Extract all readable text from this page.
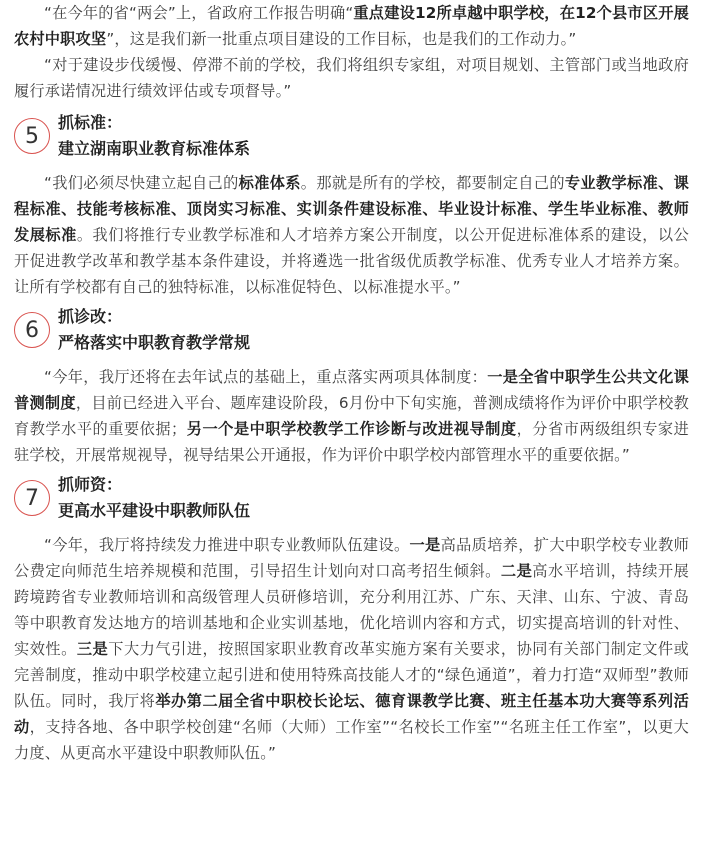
“在今年的省“两会”上，省政府工作报告明确“重点建设12所卓越中职学校，在12个县市区开展农村中职攻坚”，这是我们新一批重点项目建设的工作目标，也是我们的工作动力。”

“对于建设步伐缓慢、停滞不前的学校，我们将组织专家组，对项目规划、主管部门或当地政府履行承诺情况进行绩效评估或专项督导。”

5
抓标准：
建立湖南职业教育标准体系

“我们必须尽快建立起自己的标准体系。那就是所有的学校，都要制定自己的专业教学标准、课程标准、技能考核标准、顶岗实习标准、实训条件建设标准、毕业设计标准、学生毕业标准、教师发展标准。我们将推行专业教学标准和人才培养方案公开制度，以公开促进标准体系的建设，以公开促进教学改革和教学基本条件建设，并将遴选一批省级优质教学标准、优秀专业人才培养方案。让所有学校都有自己的独特标准，以标准促特色、以标准提水平。”

6
抓诊改：
严格落实中职教育教学常规

“今年，我厅还将在去年试点的基础上，重点落实两项具体制度：一是全省中职学生公共文化课普测制度，目前已经进入平台、题库建设阶段，6月份中下旬实施，普测成绩将作为评价中职学校教育教学水平的重要依据；另一个是中职学校教学工作诊断与改进视导制度，分省市两级组织专家进驻学校，开展常规视导，视导结果公开通报，作为评价中职学校内部管理水平的重要依据。”

7
抓师资：
更高水平建设中职教师队伍

“今年，我厅将持续发力推进中职专业教师队伍建设。一是高品质培养，扩大中职学校专业教师公费定向师范生培养规模和范围，引导招生计划向对口高考招生倾斜。二是高水平培训，持续开展跨境跨省专业教师培训和高级管理人员研修培训，充分利用江苏、广东、天津、山东、宁波、青岛等中职教育发达地方的培训基地和企业实训基地，优化培训内容和方式，切实提高培训的针对性、实效性。三是下大力气引进，按照国家职业教育改革实施方案有关要求，协同有关部门制定文件或完善制度，推动中职学校建立起引进和使用特殊高技能人才的“绿色通道”，着力打造“双师型”教师队伍。同时，我厅将举办第二届全省中职校长论坛、德育课教学比赛、班主任基本功大赛等系列活动，支持各地、各中职学校创建“名师（大师）工作室”“名校长工作室”“名班主任工作室”，以更大力度、从更高水平建设中职教师队伍。”
